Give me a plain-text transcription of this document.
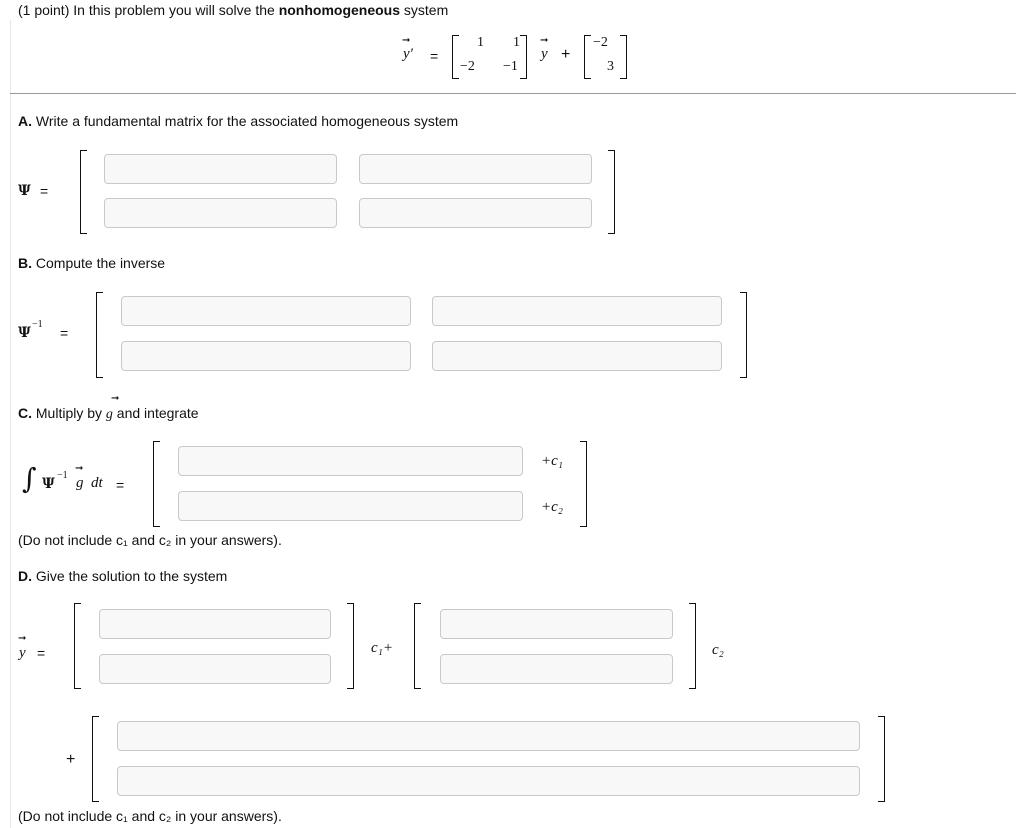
(1 point) In this problem you will solve the nonhomogeneous system
➞
y′ =
1 1
−2 −1
➞
y +
−2
3
A. Write a fundamental matrix for the associated homogeneous system
Ψ =
B. Compute the inverse
Ψ
−1
=
C. Multiply by g and integrate
➞
∫ Ψ
−1
➞
g dt =
+c₁
+c₂
(Do not include c₁ and c₂ in your answers).
D. Give the solution to the system
➞
y =	c₁+	c₂
+
(Do not include c₁ and c₂ in your answers).
